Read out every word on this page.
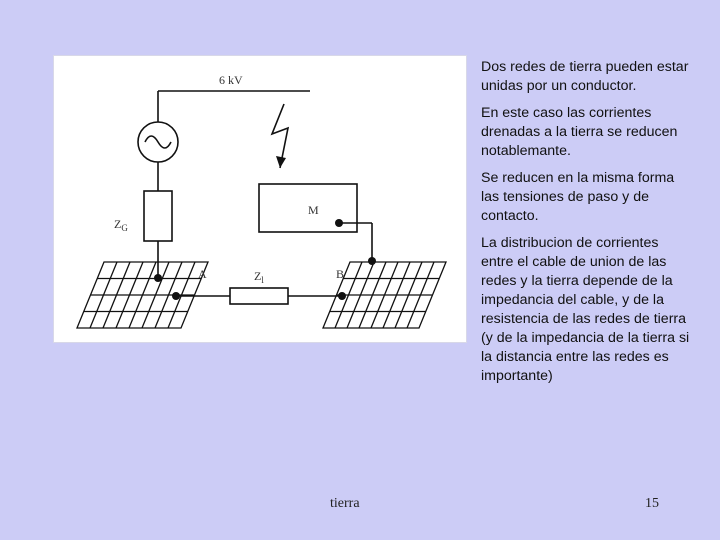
6 kV
$Z_G$
M
A	$Z_l$	B

Dos redes de tierra pueden estar unidas por un conductor.

En este caso las corrientes drenadas a la tierra se reducen notablemante.

Se reducen en la misma forma las tensiones de paso y de contacto.

La distribucion de corrientes entre el cable de union de las redes y la tierra depende de la impedancia del cable, y de la resistencia de las redes de tierra (y de la impedancia de la tierra si la distancia entre las redes es importante)

tierra	15
